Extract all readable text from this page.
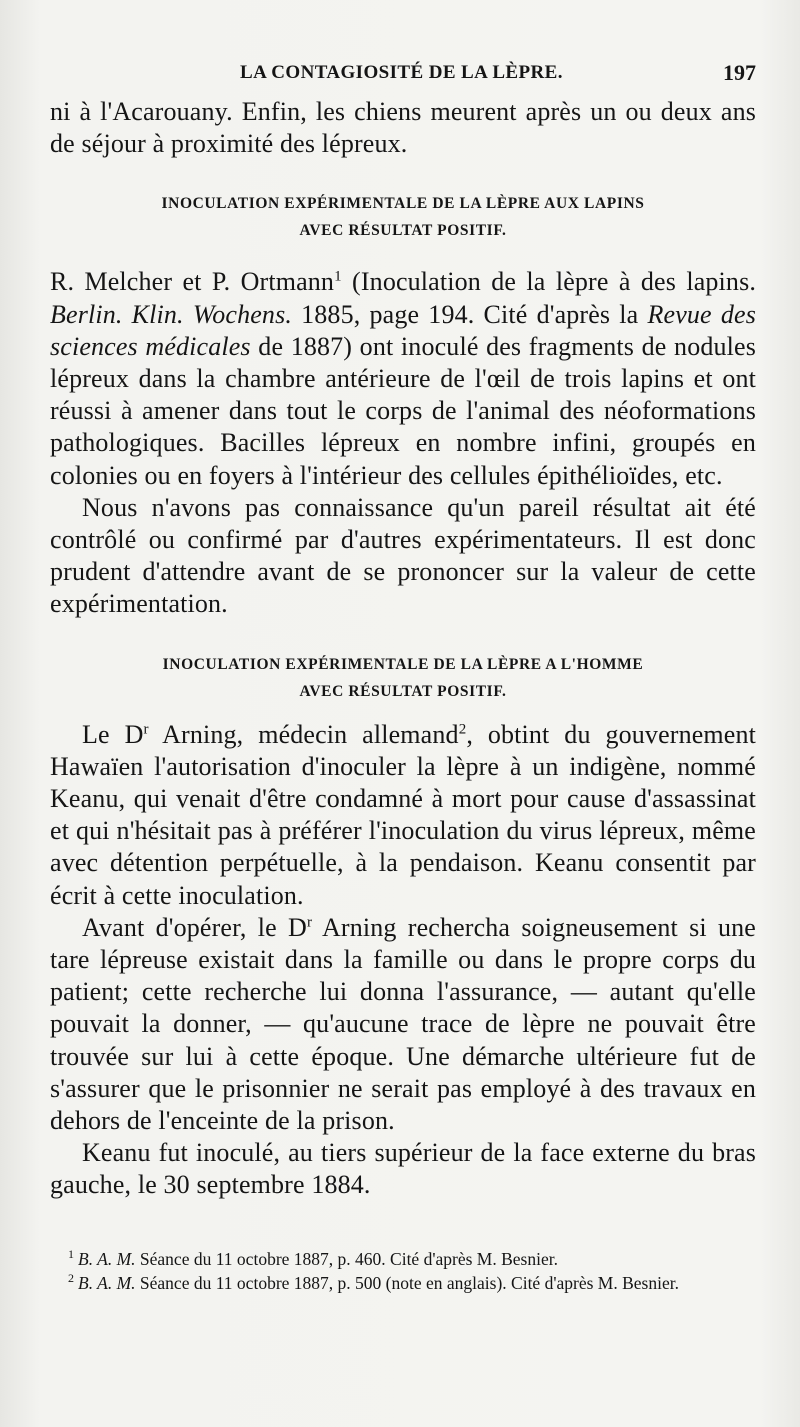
LA CONTAGIOSITÉ DE LA LÈPRE.	197

ni à l'Acarouany. Enfin, les chiens meurent après un ou deux ans de séjour à proximité des lépreux.

INOCULATION EXPÉRIMENTALE DE LA LÈPRE AUX LAPINS
AVEC RÉSULTAT POSITIF.

R. Melcher et P. Ortmann$^1$ (Inoculation de la lèpre à des lapins. Berlin. Klin. Wochens. 1885, page 194. Cité d'après la Revue des sciences médicales de 1887) ont inoculé des fragments de nodules lépreux dans la chambre antérieure de l'œil de trois lapins et ont réussi à amener dans tout le corps de l'animal des néoformations pathologiques. Bacilles lépreux en nombre infini, groupés en colonies ou en foyers à l'intérieur des cellules épithélioïdes, etc.

Nous n'avons pas connaissance qu'un pareil résultat ait été contrôlé ou confirmé par d'autres expérimentateurs. Il est donc prudent d'attendre avant de se prononcer sur la valeur de cette expérimentation.

INOCULATION EXPÉRIMENTALE DE LA LÈPRE A L'HOMME
AVEC RÉSULTAT POSITIF.

Le $D^r$ Arning, médecin allemand$^2$, obtint du gouvernement Hawaïen l'autorisation d'inoculer la lèpre à un indigène, nommé Keanu, qui venait d'être condamné à mort pour cause d'assassinat et qui n'hésitait pas à préférer l'inoculation du virus lépreux, même avec détention perpétuelle, à la pendaison. Keanu consentit par écrit à cette inoculation.

Avant d'opérer, le $D^r$ Arning rechercha soigneusement si une tare lépreuse existait dans la famille ou dans le propre corps du patient; cette recherche lui donna l'assurance, — autant qu'elle pouvait la donner, — qu'aucune trace de lèpre ne pouvait être trouvée sur lui à cette époque. Une démarche ultérieure fut de s'assurer que le prisonnier ne serait pas employé à des travaux en dehors de l'enceinte de la prison.

Keanu fut inoculé, au tiers supérieur de la face externe du bras gauche, le 30 septembre 1884.

$^1$ B. A. M. Séance du 11 octobre 1887, p. 460. Cité d'après M. Besnier.

$^2$ B. A. M. Séance du 11 octobre 1887, p. 500 (note en anglais). Cité d'après M. Besnier.
